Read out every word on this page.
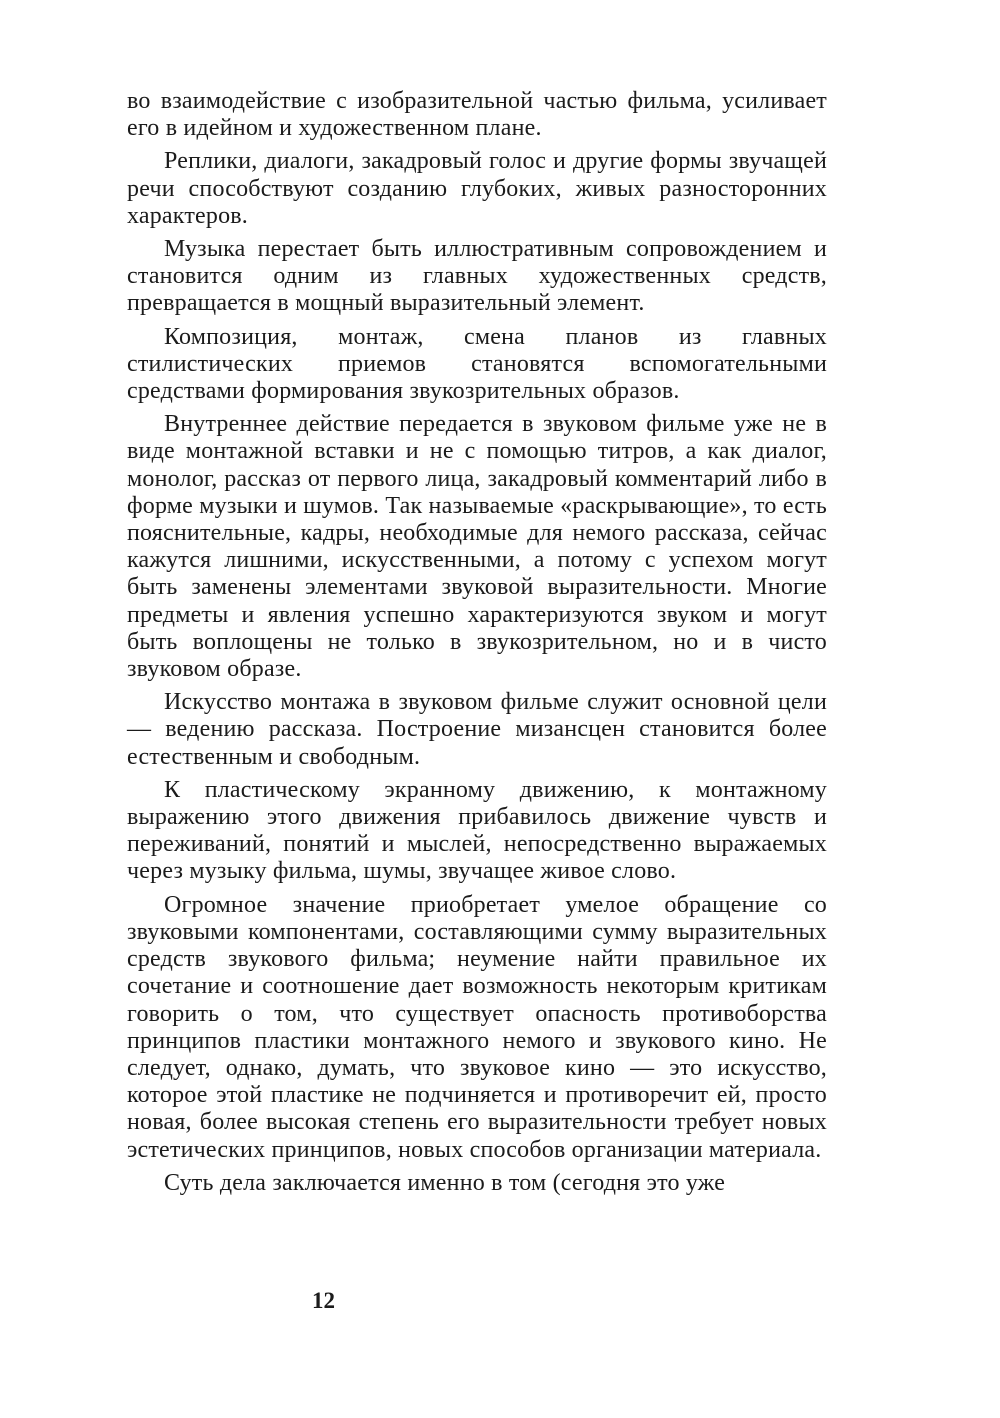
во взаимодействие с изобразительной частью фильма, усиливает его в идейном и художественном плане.

Реплики, диалоги, закадровый голос и другие формы звучащей речи способствуют созданию глубоких, живых разносторонних характеров.

Музыка перестает быть иллюстративным сопровождением и становится одним из главных художественных средств, превращается в мощный выразительный элемент.

Композиция, монтаж, смена планов из главных стилистических приемов становятся вспомогательными средствами формирования звукозрительных образов.

Внутреннее действие передается в звуковом фильме уже не в виде монтажной вставки и не с помощью титров, а как диалог, монолог, рассказ от первого лица, закадровый комментарий либо в форме музыки и шумов. Так называемые «раскрывающие», то есть пояснительные, кадры, необходимые для немого рассказа, сейчас кажутся лишними, искусственными, а потому с успехом могут быть заменены элементами звуковой выразительности. Многие предметы и явления успешно характеризуются звуком и могут быть воплощены не только в звукозрительном, но и в чисто звуковом образе.

Искусство монтажа в звуковом фильме служит основной цели — ведению рассказа. Построение мизансцен становится более естественным и свободным.

К пластическому экранному движению, к монтажному выражению этого движения прибавилось движение чувств и переживаний, понятий и мыслей, непосредственно выражаемых через музыку фильма, шумы, звучащее живое слово.

Огромное значение приобретает умелое обращение со звуковыми компонентами, составляющими сумму выразительных средств звукового фильма; неумение найти правильное их сочетание и соотношение дает возможность некоторым критикам говорить о том, что существует опасность противоборства принципов пластики монтажного немого и звукового кино. Не следует, однако, думать, что звуковое кино — это искусство, которое этой пластике не подчиняется и противоречит ей, просто новая, более высокая степень его выразительности требует новых эстетических принципов, новых способов организации материала.

Суть дела заключается именно в том (сегодня это уже

12
